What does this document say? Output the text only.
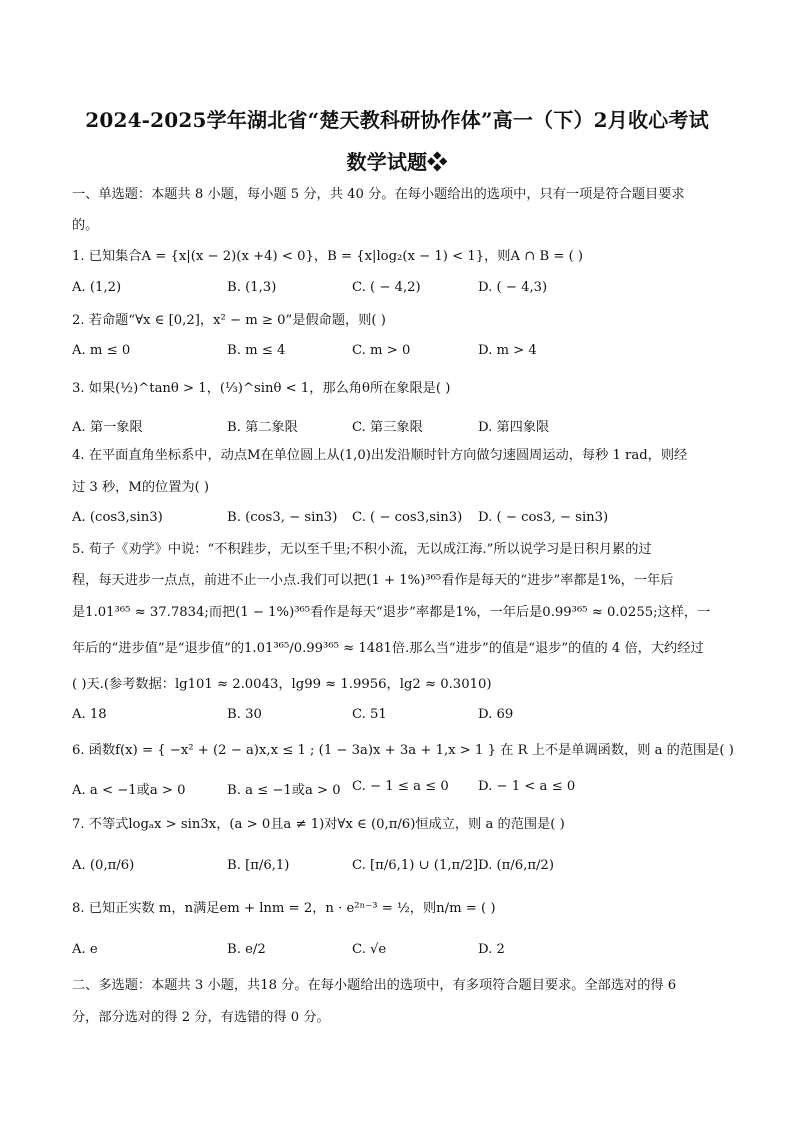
2024-2025学年湖北省“楚天教科研协作体”高一（下）2月收心考试
数学试题❖
一、单选题：本题共 8 小题，每小题 5 分，共 40 分。在每小题给出的选项中，只有一项是符合题目要求
的。
1. 已知集合A = {x|(x − 2)(x +4) < 0}，B = {x|log₂(x − 1) < 1}，则A ∩ B = ( )
A. (1,2)	B. (1,3)	C. ( − 4,2)	D. ( − 4,3)
2. 若命题“∀x ∈ [0,2]，x² − m ≥ 0”是假命题，则( )
A. m ≤ 0	B. m ≤ 4	C. m > 0	D. m > 4
3. 如果(½)^tanθ > 1，(⅓)^sinθ < 1，那么角θ所在象限是( )
A. 第一象限	B. 第二象限	C. 第三象限	D. 第四象限
4. 在平面直角坐标系中，动点M在单位圆上从(1,0)出发沿顺时针方向做匀速圆周运动，每秒 1 rad，则经
过 3 秒，M的位置为( )
A. (cos3,sin3)	B. (cos3, − sin3) C. ( − cos3,sin3) D. ( − cos3, − sin3)
5. 荀子《劝学》中说：“不积跬步，无以至千里;不积小流，无以成江海.”所以说学习是日积月累的过
程，每天进步一点点，前进不止一小点.我们可以把(1 + 1%)³⁶⁵看作是每天的“进步”率都是1%，一年后
是1.01³⁶⁵ ≈ 37.7834;而把(1 − 1%)³⁶⁵看作是每天“退步”率都是1%，一年后是0.99³⁶⁵ ≈ 0.0255;这样，一
年后的“进步值”是“退步值”的1.01³⁶⁵/0.99³⁶⁵ ≈ 1481倍.那么当“进步”的值是“退步”的值的 4 倍，大约经过
( )天.(参考数据：lg101 ≈ 2.0043，lg99 ≈ 1.9956，lg2 ≈ 0.3010)
A. 18	B. 30	C. 51	D. 69
6. 函数f(x) = { −x² + (2 − a)x,x ≤ 1 ; (1 − 3a)x + 3a + 1,x > 1 } 在 R 上不是单调函数，则 a 的范围是( )
A. a < −1或a > 0	B. a ≤ −1或a > 0 C. − 1 ≤ a ≤ 0 D. − 1 < a ≤ 0
7. 不等式logₐx > sin3x，(a > 0且a ≠ 1)对∀x ∈ (0,π/6)恒成立，则 a 的范围是( )
A. (0,π/6)	B. [π/6,1)	C. [π/6,1) ∪ (1,π/2] D. (π/6,π/2)
8. 已知正实数 m，n满足em + lnm = 2，n · e²ⁿ⁻³ = ½，则n/m = ( )
A. e	B. e/2	C. √e	D. 2
二、多选题：本题共 3 小题，共18 分。在每小题给出的选项中，有多项符合题目要求。全部选对的得 6
分，部分选对的得 2 分，有选错的得 0 分。
